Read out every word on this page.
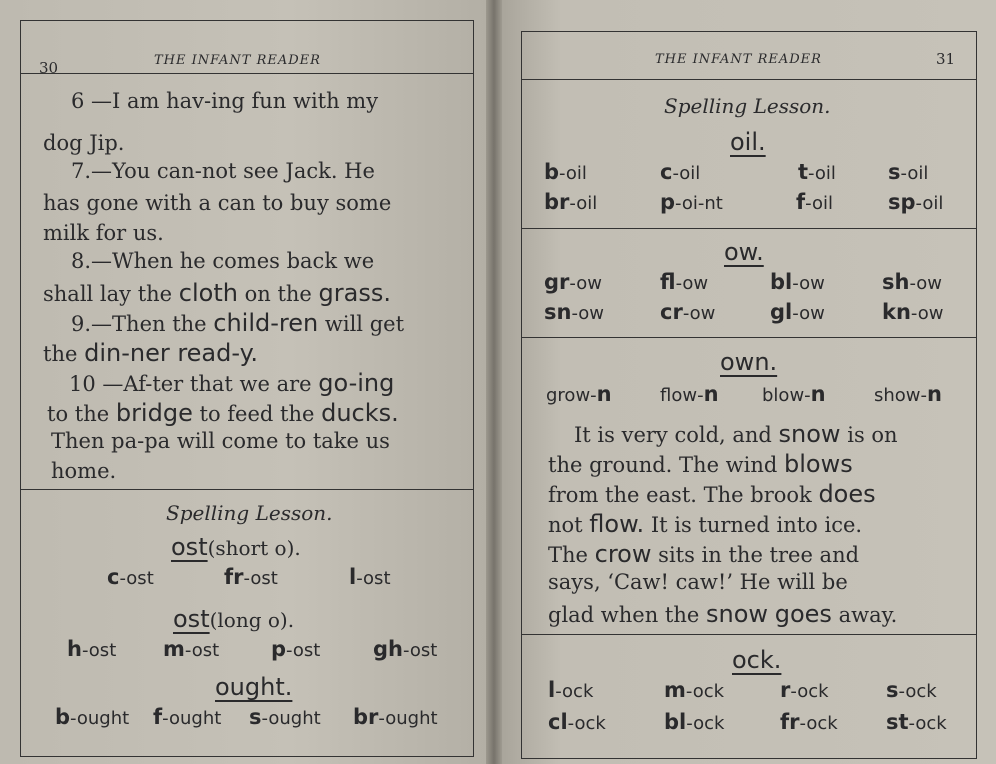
30	THE INFANT READER
6 —I am hav-ing fun with my
dog Jip.
7.—You can-not see Jack. He
has gone with a can to buy some
milk for us.
8.—When he comes back we
shall lay the cloth on the grass.
9.—Then the child-ren will get
the din-ner read-y.
10 —Af-ter that we are go-ing
to the bridge to feed the ducks.
Then pa-pa will come to take us
home.
Spelling Lesson.
ost(short o).
c-ost	fr-ost	l-ost
ost(long o).
h-ost m-ost p-ost	gh-ost
ought.
b-ought f-ought s-ought br-ought
THE INFANT READER	31
Spelling Lesson.
oil.
b-oil	c-oil	t-oil s-oil
br-oil	p-oi-nt	f-oil	sp-oil
ow.
gr-ow	fl-ow	bl-ow	sh-ow
sn-ow	cr-ow	gl-ow	kn-ow
own.
grow-n	flow-n blow-n	show-n
It is very cold, and snow is on
the ground. The wind blows
from the east. The brook does
not flow. It is turned into ice.
The crow sits in the tree and
says, ‘Caw! caw!’ He will be
glad when the snow goes away.
ock.
l-ock	m-ock	r-ock	s-ock
cl-ock	bl-ock	fr-ock st-ock
